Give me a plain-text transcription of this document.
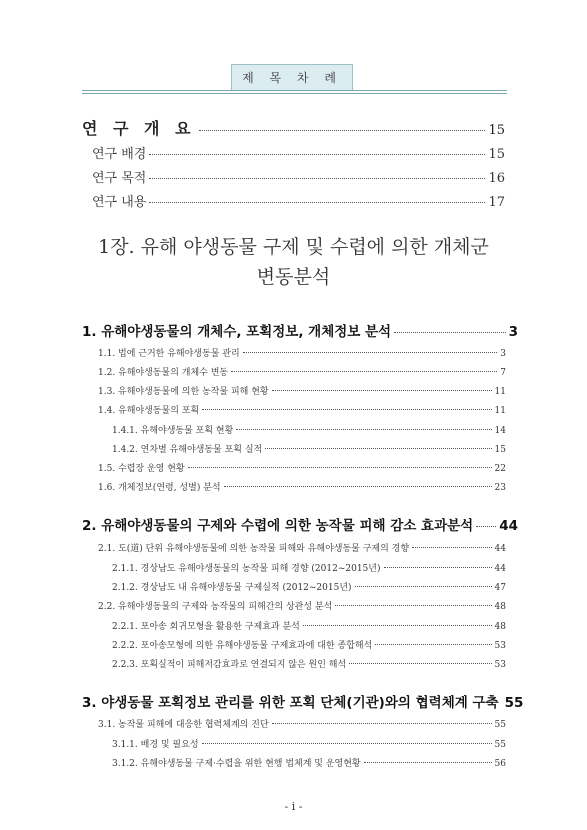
제 목 차 례
연 구 개 요	15
연구 배경	15
연구 목적	16
연구 내용	17
1장. 유해 야생동물 구제 및 수렵에 의한 개체군
변동분석
1. 유해야생동물의 개체수, 포획정보, 개체정보 분석	3
1.1. 법에 근거한 유해야생동물 관리	3
1.2. 유해야생동물의 개체수 변동	7
1.3. 유해야생동물에 의한 농작물 피해 현황	11
1.4. 유해야생동물의 포획	11
1.4.1. 유해야생동물 포획 현황	14
1.4.2. 연차별 유해야생동물 포획 실적	15
1.5. 수렵장 운영 현황	22
1.6. 개체정보(연령, 성별) 분석	23
2. 유해야생동물의 구제와 수렵에 의한 농작물 피해 감소 효과분석 44
2.1. 도(道) 단위 유해야생동물에 의한 농작물 피해와 유해야생동물 구제의 경향	44
2.1.1. 경상남도 유해야생동물의 농작물 피해 경향 (2012~2015년)	44
2.1.2. 경상남도 내 유해야생동물 구제실적 (2012~2015년)	47
2.2. 유해야생동물의 구제와 농작물의 피해간의 상관성 분석	48
2.2.1. 포아송 회귀모형을 활용한 구제효과 분석	48
2.2.2. 포아송모형에 의한 유해야생동물 구제효과에 대한 종합해석	53
2.2.3. 포획실적이 피해저감효과로 연결되지 않은 원인 해석	53
3. 야생동물 포획정보 관리를 위한 포획 단체(기관)와의 협력체계 구축 55
3.1. 농작물 피해에 대응한 협력체계의 진단	55
3.1.1. 배경 및 필요성	55
3.1.2. 유해야생동물 구제·수렵을 위한 현행 법체계 및 운영현황	56
- i -
